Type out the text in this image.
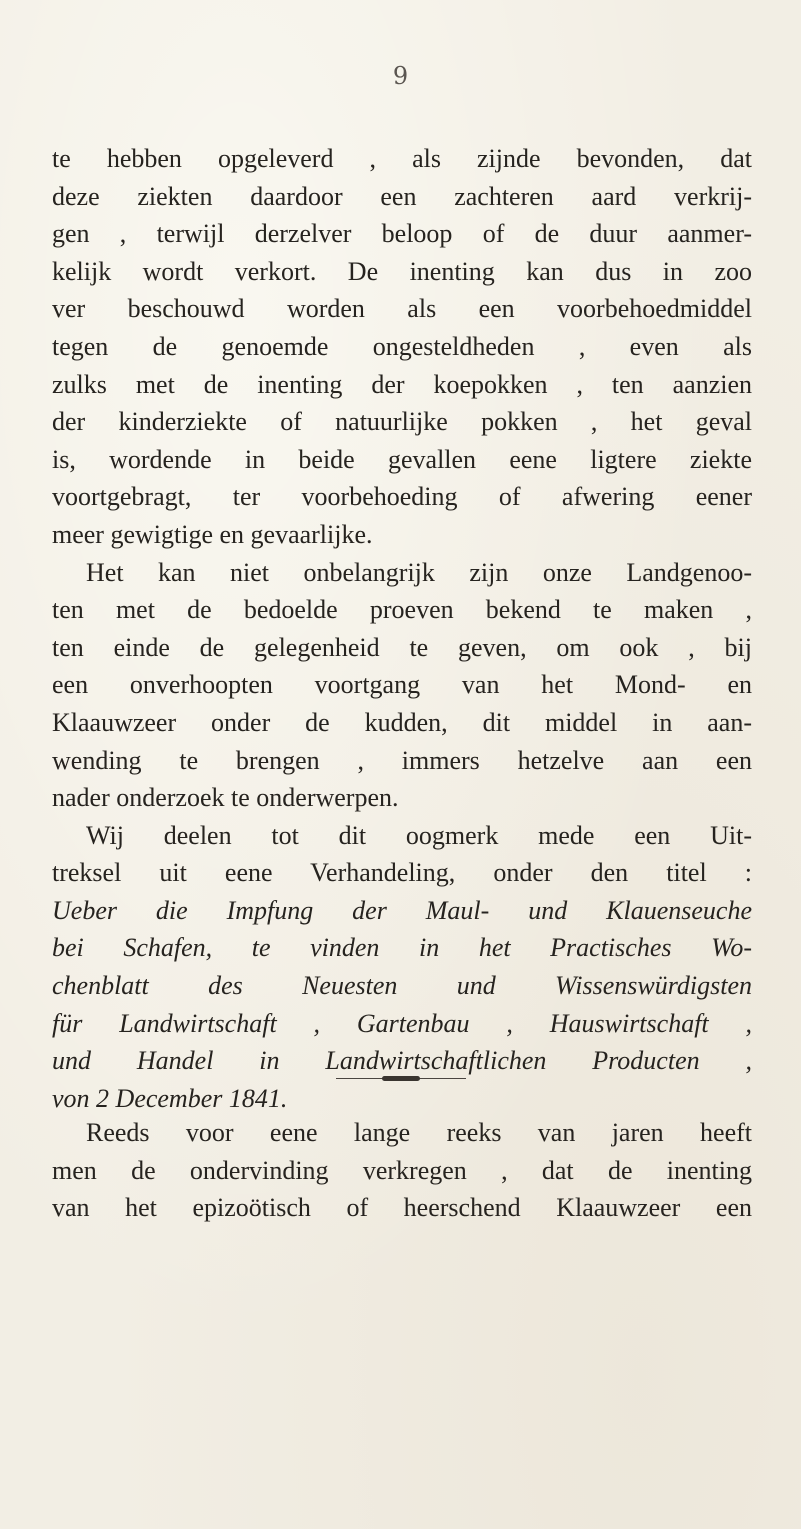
9
te hebben opgeleverd , als zijnde bevonden, dat
deze ziekten daardoor een zachteren aard verkrij-
gen , terwijl derzelver beloop of de duur aanmer-
kelijk wordt verkort. De inenting kan dus in zoo
ver beschouwd worden als een voorbehoedmiddel
tegen de genoemde ongesteldheden , even als
zulks met de inenting der koepokken , ten aanzien
der kinderziekte of natuurlijke pokken , het geval
is, wordende in beide gevallen eene ligtere ziekte
voortgebragt, ter voorbehoeding of afwering eener
meer gewigtige en gevaarlijke.
Het kan niet onbelangrijk zijn onze Landgenoo-
ten met de bedoelde proeven bekend te maken ,
ten einde de gelegenheid te geven, om ook , bij
een onverhoopten voortgang van het Mond- en
Klaauwzeer onder de kudden, dit middel in aan-
wending te brengen , immers hetzelve aan een
nader onderzoek te onderwerpen.
Wij deelen tot dit oogmerk mede een Uit-
treksel uit eene Verhandeling, onder den titel :
Ueber die Impfung der Maul- und Klauenseuche
bei Schafen, te vinden in het Practisches Wo-
chenblatt des Neuesten und Wissenswürdigsten
für Landwirtschaft , Gartenbau , Hauswirtschaft ,
und Handel in Landwirtschaftlichen Producten ,
von 2 December 1841.
Reeds voor eene lange reeks van jaren heeft
men de ondervinding verkregen , dat de inenting
van het epizoötisch of heerschend Klaauwzeer een
